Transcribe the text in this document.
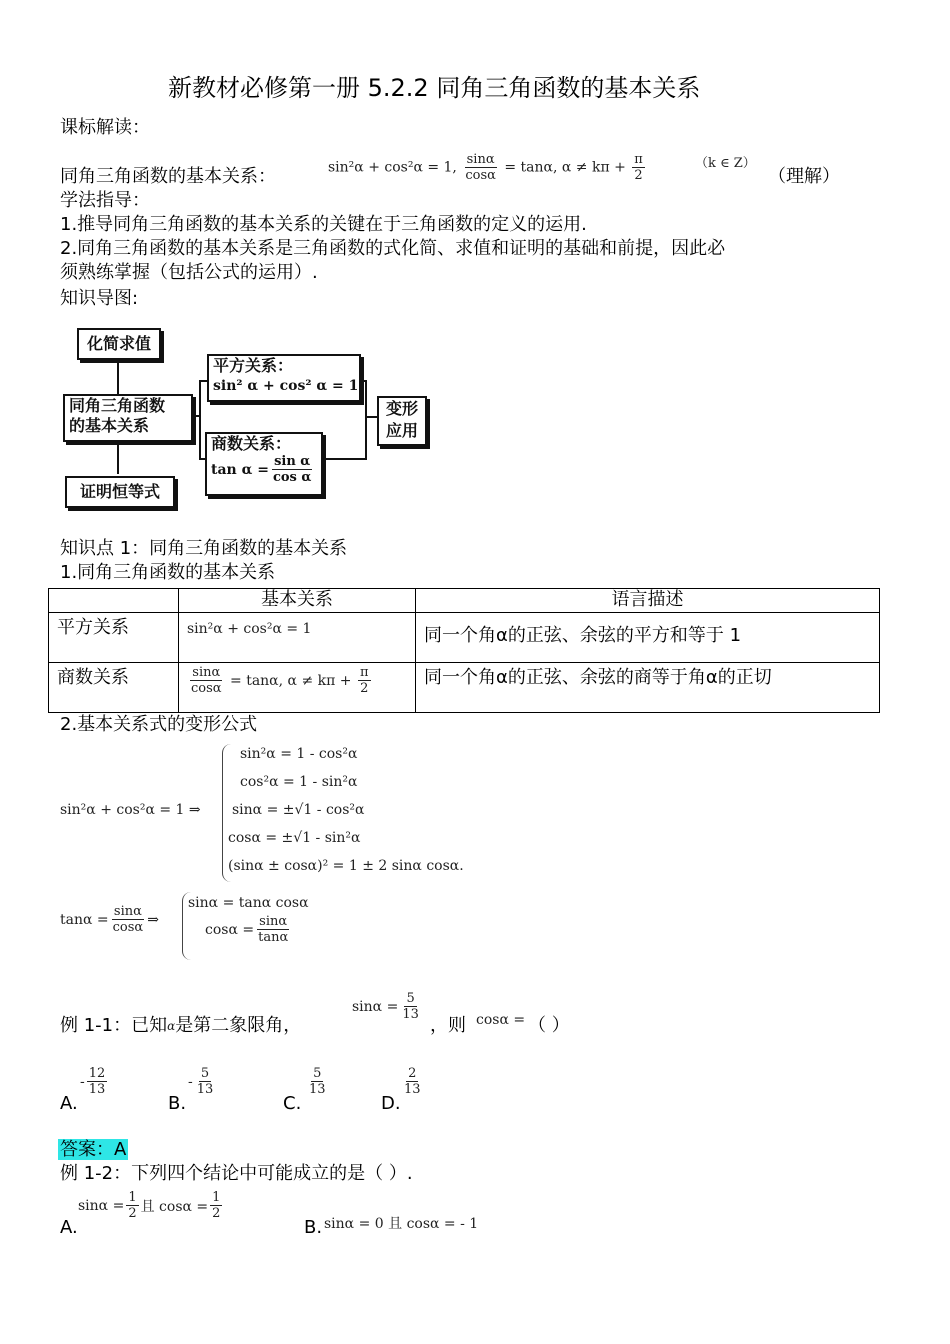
新教材必修第一册 5.2.2 同角三角函数的基本关系
课标解读：
同角三角函数的基本关系：	sin²α + cos²α = 1, $\frac{\sin\alpha}{\cos\alpha} = \tan\alpha$, $\alpha \ne k\pi + \frac{\pi}{2}$	（k ∈ Z）
（理解）
学法指导：
1.推导同角三角函数的基本关系的关键在于三角函数的定义的运用.
2.同角三角函数的基本关系是三角函数的式化简、求值和证明的基础和前提，因此必
须熟练掌握（包括公式的运用）.
知识导图:
化简求值
同角三角函数
的基本关系
证明恒等式
平方关系：
sin² α + cos² α = 1
商数关系：
$\tan \alpha = \frac{\text{sin α}}{\text{cos α}}$
变形
应用
知识点 1：同角三角函数的基本关系
1.同角三角函数的基本关系
	基本关系	语言描述
平方关系	sin²α + cos²α = 1	同一个角α的正弦、余弦的平方和等于 1
商数关系	$\frac{\sin\alpha}{\cos\alpha} = \tan\alpha$, $\alpha \ne k\pi + \frac{\pi}{2}$	同一个角α的正弦、余弦的商等于角α的正切
2.基本关系式的变形公式
sin²α + cos²α = 1 ⇒
sin²α = 1 - cos²α
cos²α = 1 - sin²α
sinα = ±√1 - cos²α
cosα = ±√1 - sin²α
(sinα ± cosα)² = 1 ± 2 sinα cosα.
$\tan\alpha = \frac{\sin\alpha}{\cos\alpha}$ ⇒
sinα = tanα cosα
$\cos\alpha = \frac{\sin\alpha}{\tan\alpha}$
例 1-1：已知$^\alpha$是第二象限角，
$\sin\alpha = \frac{5}{13}$
，则 cosα = （ ）
A.
- $\frac{12}{13}$
B.
- $\frac{5}{13}$
C.
$\frac{5}{13}$
D.
$\frac{2}{13}$
答案：A
例 1-2：下列四个结论中可能成立的是（ ）.
A.
$\sin\alpha = \frac{1}{2}$ 且 $\cos\alpha = \frac{1}{2}$
B. sinα = 0 且 cosα = - 1
